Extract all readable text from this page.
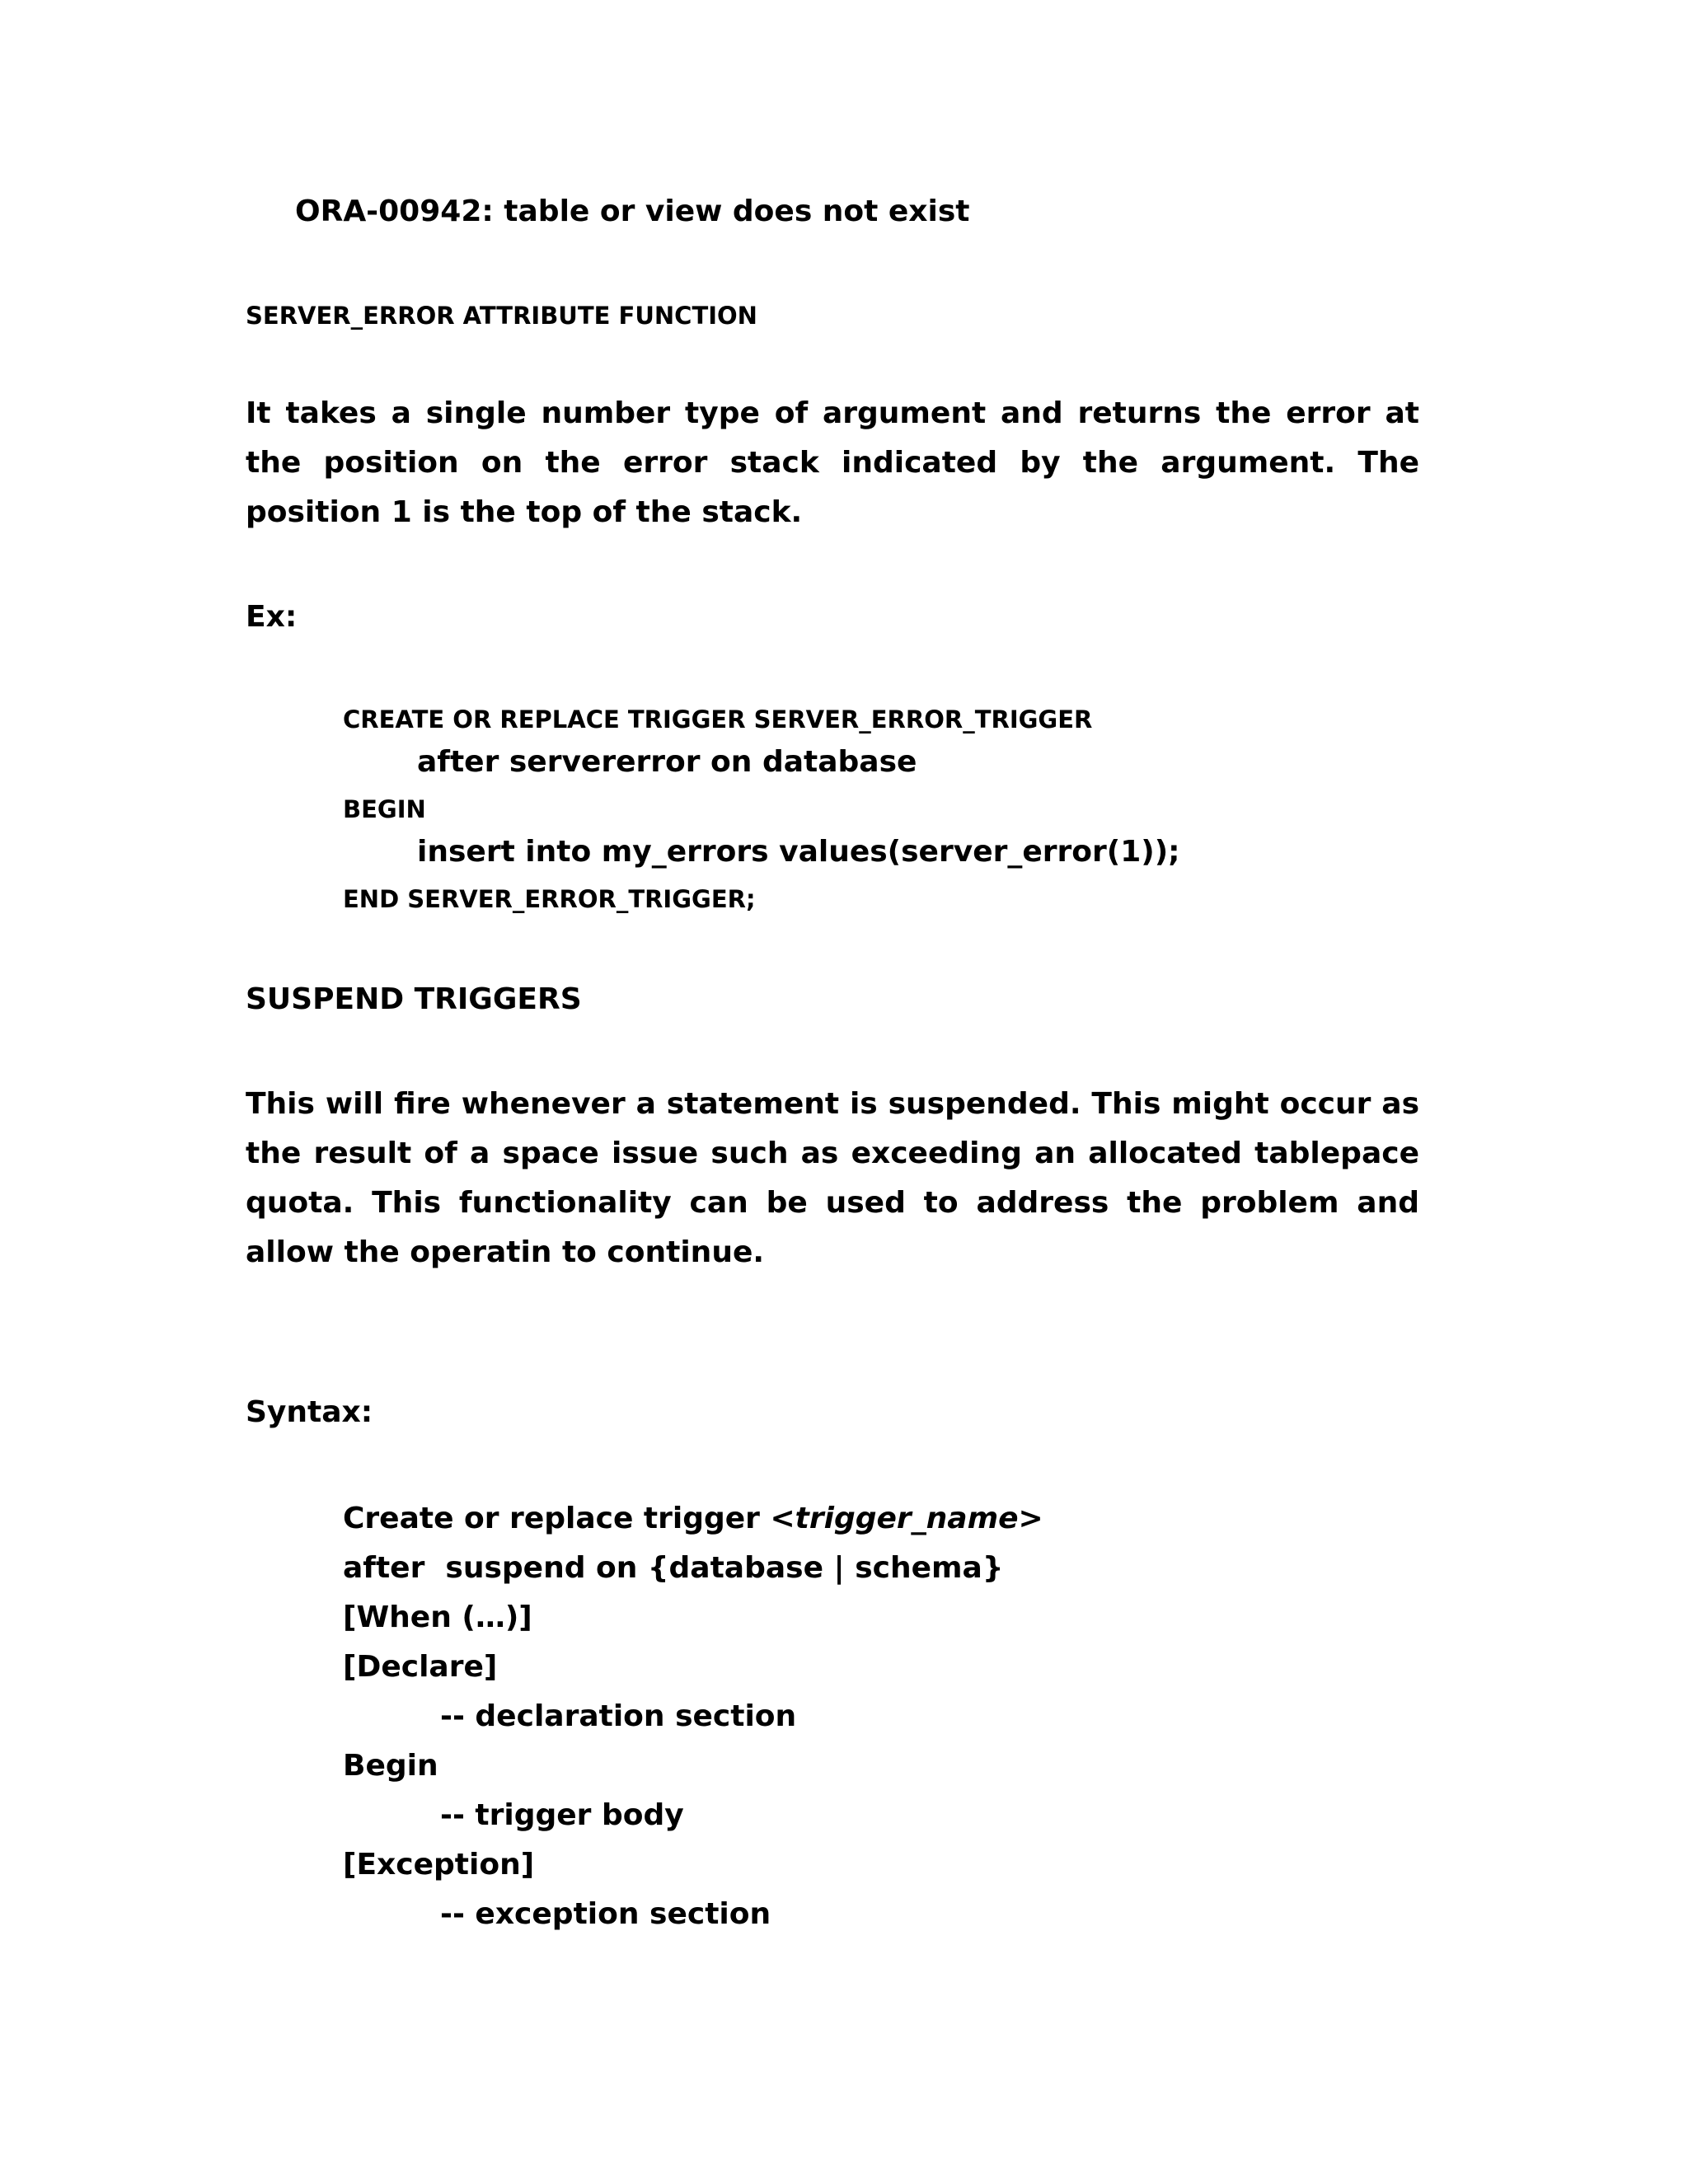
ORA-00942: table or view does not exist

SERVER_ERROR ATTRIBUTE FUNCTION

It takes a single number type of argument and returns the error at the position on the error stack indicated by the argument. The position 1 is the top of the stack.

Ex:

CREATE OR REPLACE TRIGGER SERVER_ERROR_TRIGGER

after servererror on database

BEGIN

insert into my_errors values(server_error(1));

END SERVER_ERROR_TRIGGER;

SUSPEND TRIGGERS

This will fire whenever a statement is suspended. This might occur as the result of a space issue such as exceeding an allocated tablepace quota. This functionality can be used to address the problem and allow the operatin to continue.

Syntax:

Create or replace trigger <trigger_name>

after  suspend on {database | schema}

[When (…)]

[Declare]

-- declaration section

Begin

-- trigger body

[Exception]

-- exception section
